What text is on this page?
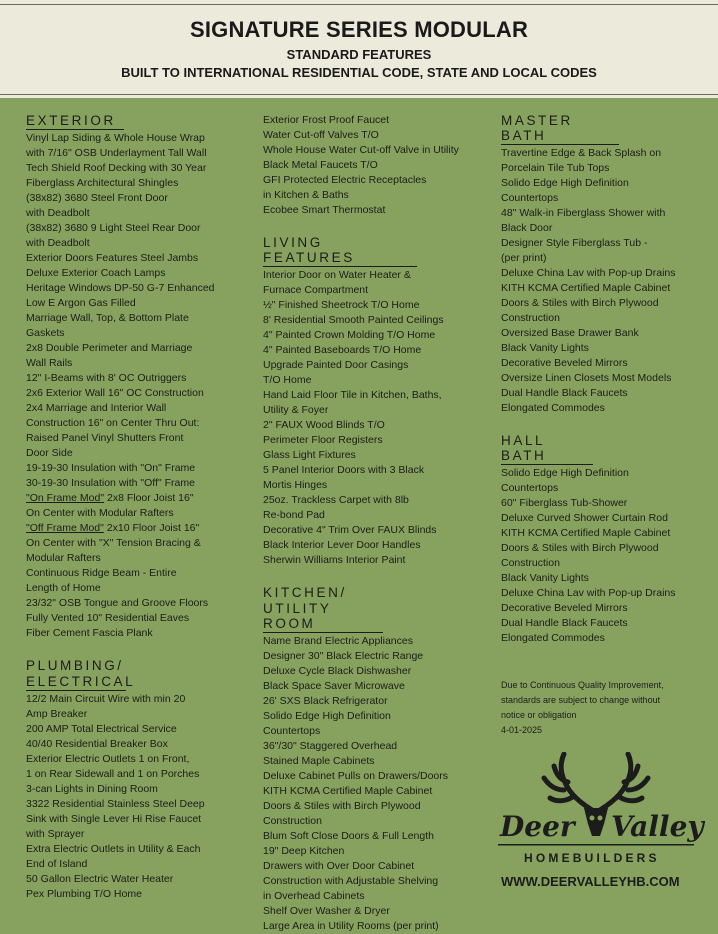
SIGNATURE SERIES MODULAR
STANDARD FEATURES
BUILT TO INTERNATIONAL RESIDENTIAL CODE, STATE AND LOCAL CODES
EXTERIOR
Vinyl Lap Siding & Whole House Wrap
with 7/16" OSB Underlayment Tall Wall
Tech Shield Roof Decking with 30 Year
Fiberglass Architectural Shingles
(38x82) 3680 Steel Front Door
with Deadbolt
(38x82) 3680 9 Light Steel Rear Door
with Deadbolt
Exterior Doors Features Steel Jambs
Deluxe Exterior Coach Lamps
Heritage Windows DP-50 G-7 Enhanced
Low E Argon Gas Filled
Marriage Wall, Top, & Bottom Plate
Gaskets
2x8 Double Perimeter and Marriage
Wall Rails
12" I-Beams with 8' OC Outriggers
2x6 Exterior Wall 16" OC Construction
2x4 Marriage and Interior Wall
Construction 16" on Center Thru Out:
Raised Panel Vinyl Shutters Front
Door Side
19-19-30 Insulation with "On" Frame
30-19-30 Insulation with "Off" Frame
"On Frame Mod" 2x8 Floor Joist 16"
On Center with Modular Rafters
"Off Frame Mod" 2x10 Floor Joist 16"
On Center with "X" Tension Bracing &
Modular Rafters
Continuous Ridge Beam - Entire
Length of Home
23/32" OSB Tongue and Groove Floors
Fully Vented 10" Residential Eaves
Fiber Cement Fascia Plank
PLUMBING/
ELECTRICAL
12/2 Main Circuit Wire with min 20
Amp Breaker
200 AMP Total Electrical Service
40/40 Residential Breaker Box
Exterior Electric Outlets 1 on Front,
1 on Rear Sidewall and 1 on Porches
3-can Lights in Dining Room
3322 Residential Stainless Steel Deep
Sink with Single Lever Hi Rise Faucet
with Sprayer
Extra Electric Outlets in Utility & Each
End of Island
50 Gallon Electric Water Heater
Pex Plumbing T/O Home
Exterior Frost Proof Faucet
Water Cut-off Valves T/O
Whole House Water Cut-off Valve in Utility
Black Metal Faucets T/O
GFI Protected Electric Receptacles
in Kitchen & Baths
Ecobee Smart Thermostat
LIVING FEATURES
Interior Door on Water Heater &
Furnace Compartment
½" Finished Sheetrock T/O Home
8' Residential Smooth Painted Ceilings
4" Painted Crown Molding T/O Home
4" Painted Baseboards T/O Home
Upgrade Painted Door Casings
T/O Home
Hand Laid Floor Tile in Kitchen, Baths,
Utility & Foyer
2" FAUX Wood Blinds T/O
Perimeter Floor Registers
Glass Light Fixtures
5 Panel Interior Doors with 3 Black
Mortis Hinges
25oz. Trackless Carpet with 8lb
Re-bond Pad
Decorative 4" Trim Over FAUX Blinds
Black Interior Lever Door Handles
Sherwin Williams Interior Paint
KITCHEN/
UTILITY ROOM
Name Brand Electric Appliances
Designer 30" Black Electric Range
Deluxe Cycle Black Dishwasher
Black Space Saver Microwave
26' SXS Black Refrigerator
Solido Edge High Definition
Countertops
36"/30" Staggered Overhead
Stained Maple Cabinets
Deluxe Cabinet Pulls on Drawers/Doors
KITH KCMA Certified Maple Cabinet
Doors & Stiles with Birch Plywood
Construction
Blum Soft Close Doors & Full Length
19" Deep Kitchen
Drawers with Over Door Cabinet
Construction with Adjustable Shelving
in Overhead Cabinets
Shelf Over Washer & Dryer
Large Area in Utility Rooms (per print)
MASTER BATH
Travertine Edge & Back Splash on
Porcelain Tile Tub Tops
Solido Edge High Definition
Countertops
48" Walk-in Fiberglass Shower with
Black Door
Designer Style Fiberglass Tub -
(per print)
Deluxe China Lav with Pop-up Drains
KITH KCMA Certified Maple Cabinet
Doors & Stiles with Birch Plywood
Construction
Oversized Base Drawer Bank
Black Vanity Lights
Decorative Beveled Mirrors
Oversize Linen Closets Most Models
Dual Handle Black Faucets
Elongated Commodes
HALL BATH
Solido Edge High Definition
Countertops
60" Fiberglass Tub-Shower
Deluxe Curved Shower Curtain Rod
KITH KCMA Certified Maple Cabinet
Doors & Stiles with Birch Plywood
Construction
Black Vanity Lights
Deluxe China Lav with Pop-up Drains
Decorative Beveled Mirrors
Dual Handle Black Faucets
Elongated Commodes
Due to Continuous Quality Improvement,
standards are subject to change without
notice or obligation
4-01-2025
Deer Valley
HOMEBUILDERS
WWW.DEERVALLEYHB.COM
